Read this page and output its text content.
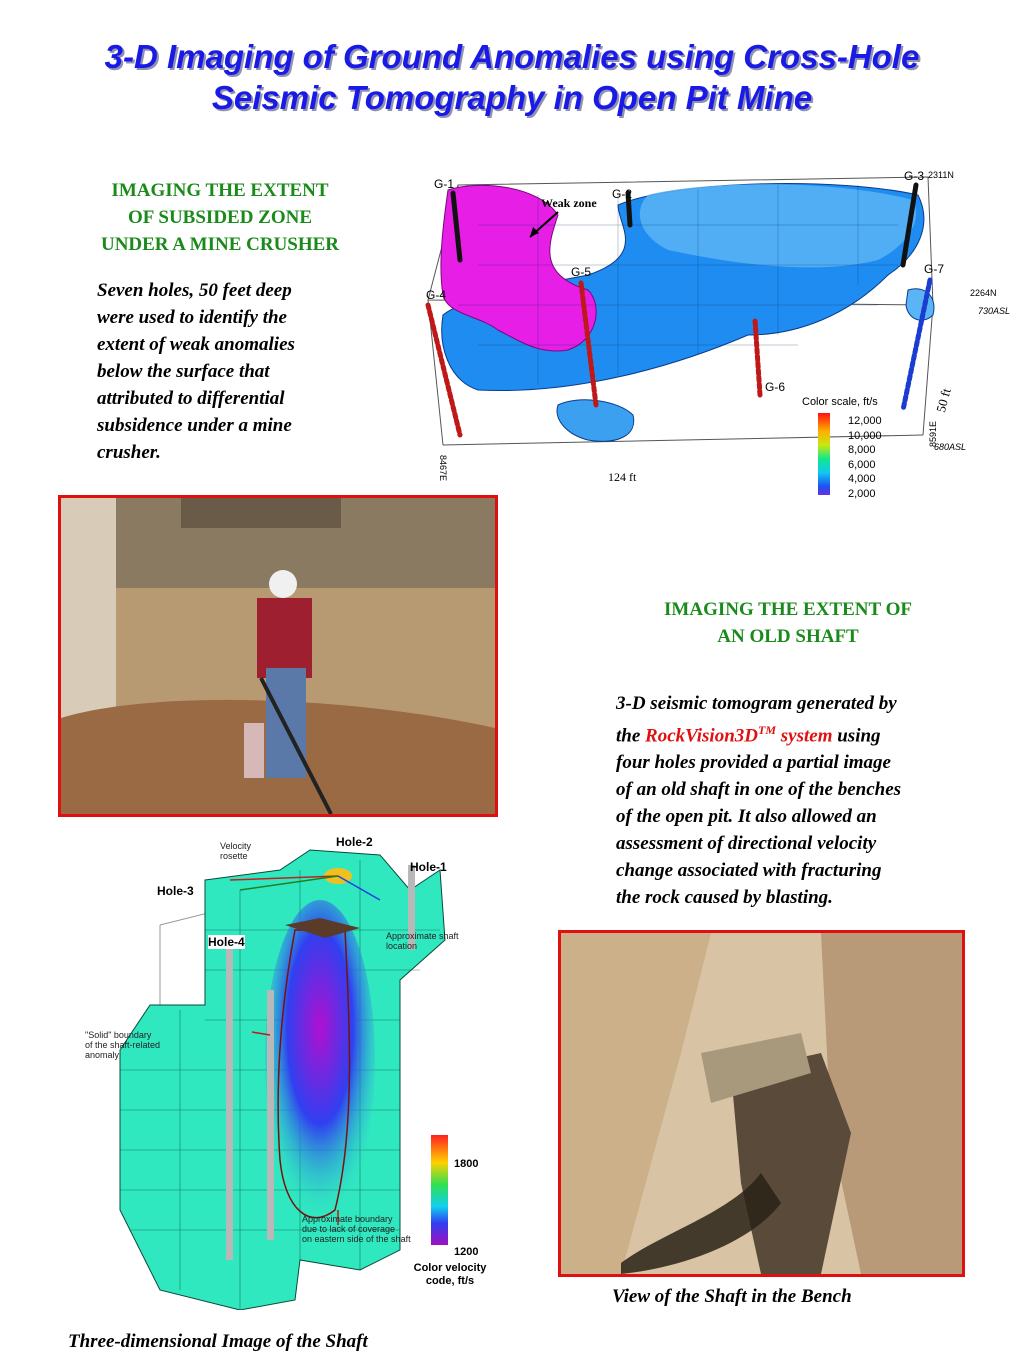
3-D Imaging of Ground Anomalies using Cross-Hole
Seismic Tomography in Open Pit Mine
IMAGING THE EXTENT
OF SUBSIDED ZONE
UNDER A MINE CRUSHER
Seven holes, 50 feet deep
were used to identify the
extent of weak anomalies
below the surface that
attributed to differential
subsidence under a mine
crusher.
G-1
G-2
G-3
G-4
G-5
G-6
G-7
Weak zone
2311N
2264N
730ASL
680ASL
8467E
8591E
124 ft
50 ft
Color scale, ft/s
12,000
10,000
8,000
6,000
4,000
2,000
IMAGING THE EXTENT OF
AN OLD SHAFT
3-D seismic tomogram generated by
the RockVision3D™ system using
four holes provided a partial image
of an old shaft in one of the benches
of the open pit. It also allowed an
assessment of directional velocity
change associated with fracturing
the rock caused by blasting.
Hole-2
Hole-1
Hole-3
Hole-4
Velocity
rosette
Approximate shaft
location
"Solid" boundary
of the shaft-related
anomaly
Approximate boundary
due to lack of coverage
on eastern side of the shaft
1800
1200
Color velocity
code, ft/s
View of the Shaft in the Bench
Three-dimensional Image of the Shaft
